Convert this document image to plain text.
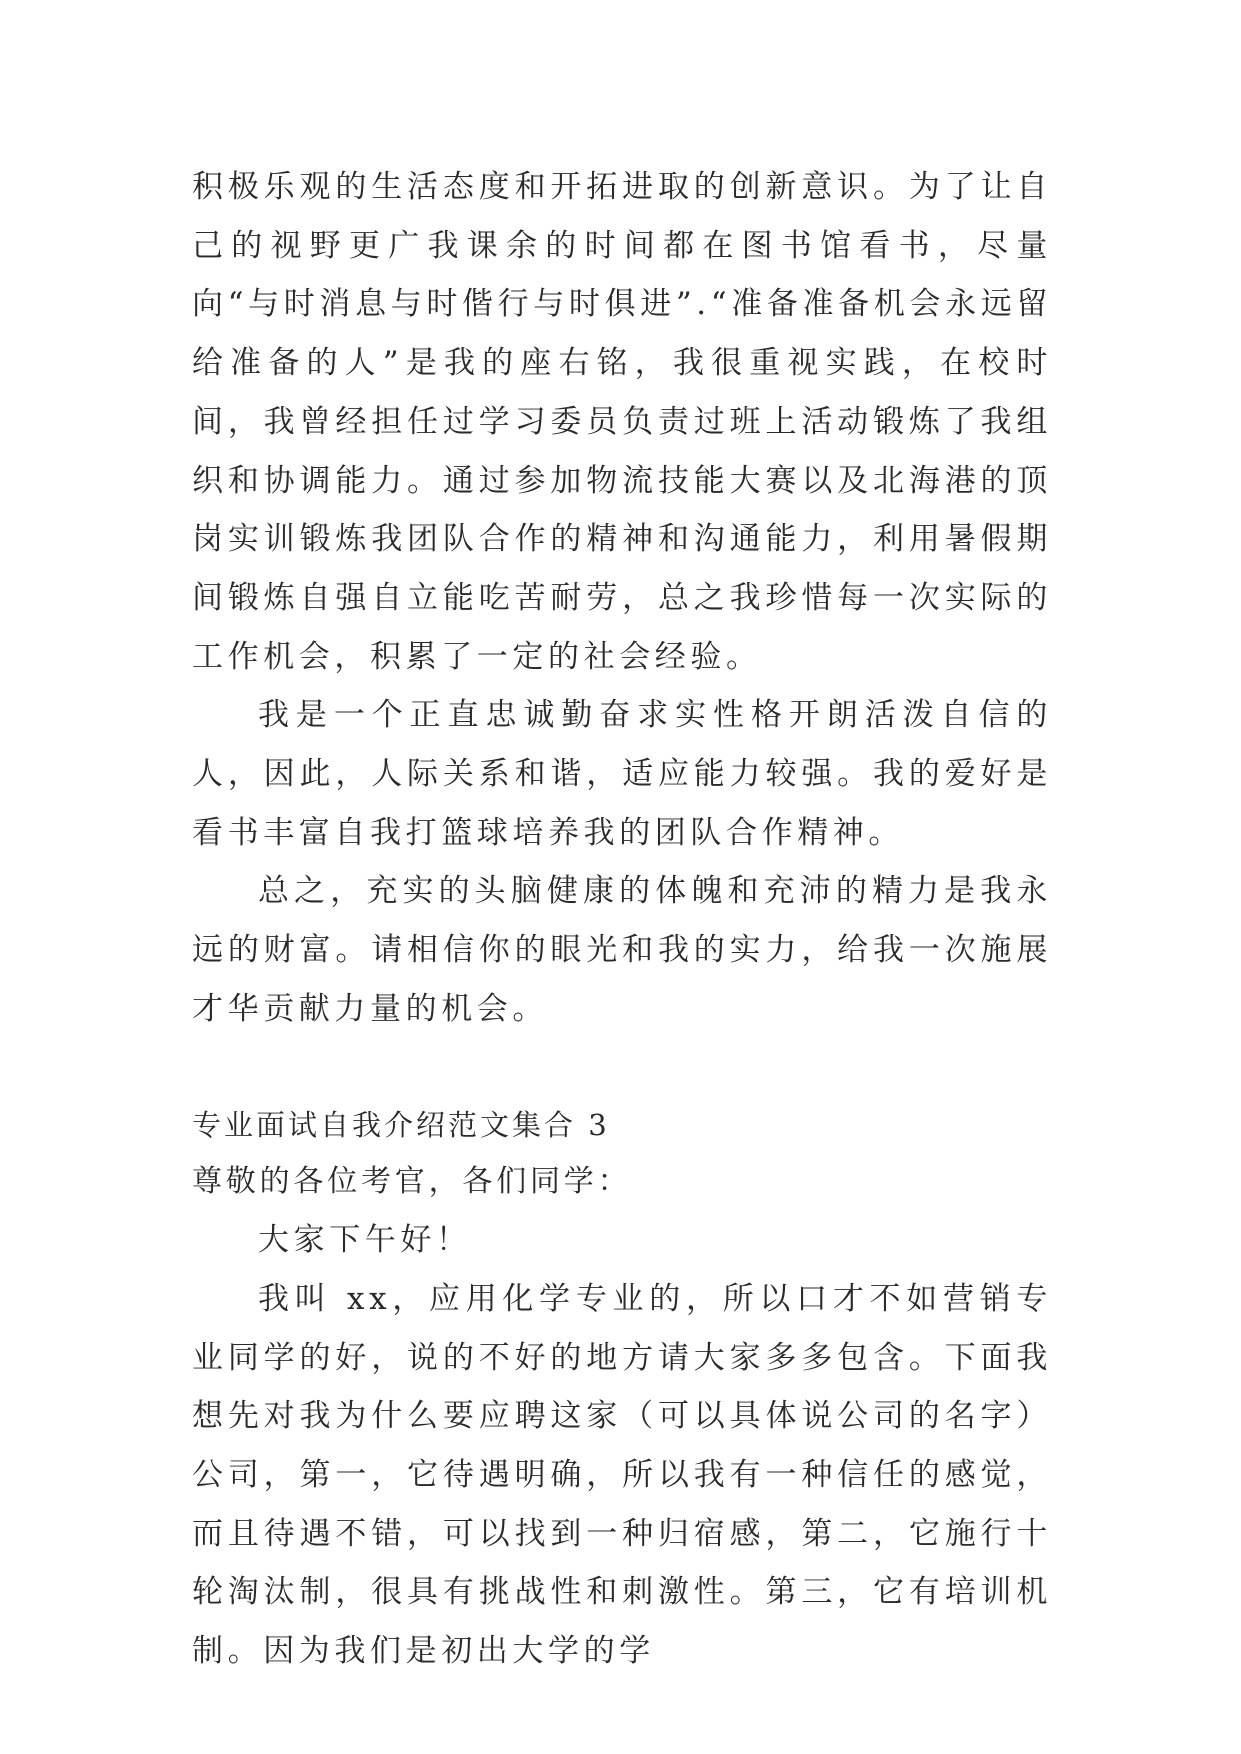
积极乐观的生活态度和开拓进取的创新意识。为了让自己的视野更广我课余的时间都在图书馆看书，尽量向“与时消息与时偕行与时俱进”.“准备准备机会永远留给准备的人”是我的座右铭，我很重视实践，在校时间，我曾经担任过学习委员负责过班上活动锻炼了我组织和协调能力。通过参加物流技能大赛以及北海港的顶岗实训锻炼我团队合作的精神和沟通能力，利用暑假期间锻炼自强自立能吃苦耐劳，总之我珍惜每一次实际的工作机会，积累了一定的社会经验。

我是一个正直忠诚勤奋求实性格开朗活泼自信的人，因此，人际关系和谐，适应能力较强。我的爱好是看书丰富自我打篮球培养我的团队合作精神。

总之，充实的头脑健康的体魄和充沛的精力是我永远的财富。请相信你的眼光和我的实力，给我一次施展才华贡献力量的机会。

专业面试自我介绍范文集合 3

尊敬的各位考官，各们同学：

大家下午好！

我叫 xx，应用化学专业的，所以口才不如营销专业同学的好，说的不好的地方请大家多多包含。下面我想先对我为什么要应聘这家（可以具体说公司的名字）公司，第一，它待遇明确，所以我有一种信任的感觉，而且待遇不错，可以找到一种归宿感，第二，它施行十轮淘汰制，很具有挑战性和刺激性。第三，它有培训机制。因为我们是初出大学的学
